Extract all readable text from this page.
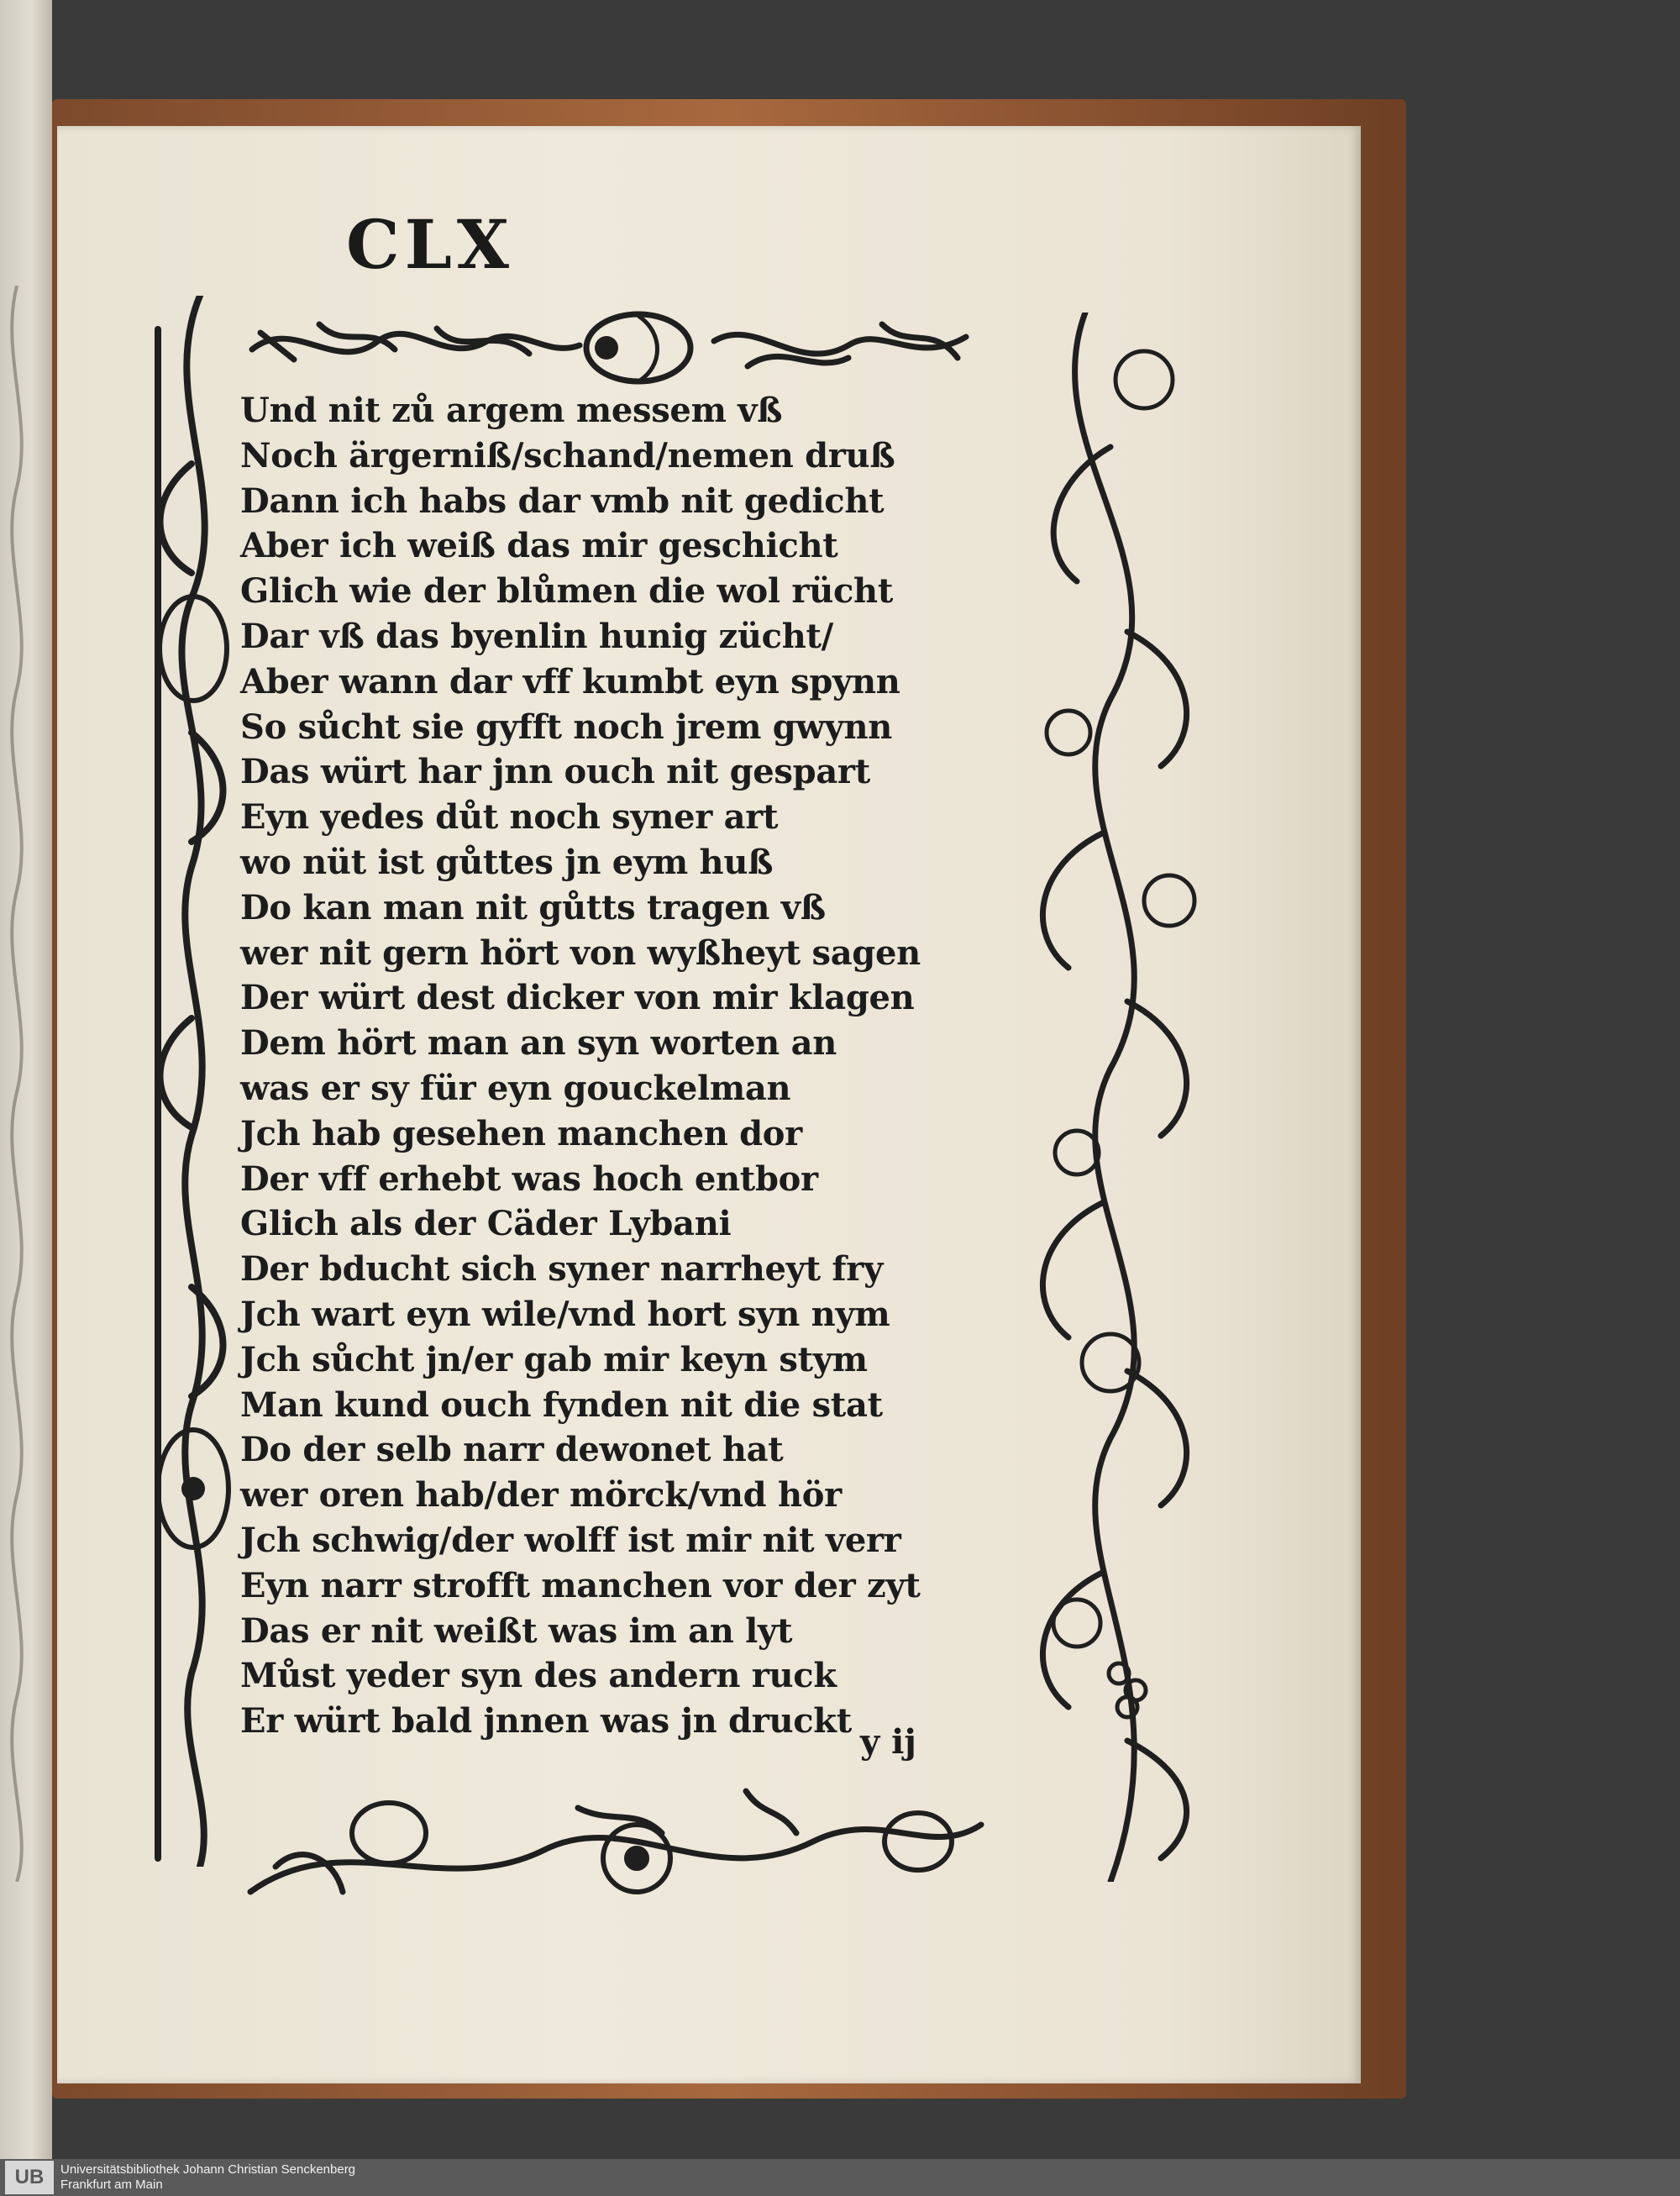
CLX
Und nit zů argem messem vß
Noch ärgerniß/schand/nemen druß
Dann ich habs dar vmb nit gedicht
Aber ich weiß das mir geschicht
Glich wie der blůmen die wol rücht
Dar vß das byenlin hunig zücht/
Aber wann dar vff kumbt eyn spynn
So sůcht sie gyfft noch jrem gwynn
Das würt har jnn ouch nit gespart
Eyn yedes důt noch syner art
wo nüt ist gůttes jn eym huß
Do kan man nit gůtts tragen vß
wer nit gern hört von wyßheyt sagen
Der würt dest dicker von mir klagen
Dem hört man an syn worten an
was er sy für eyn gouckelman
Jch hab gesehen manchen dor
Der vff erhebt was hoch entbor
Glich als der Cäder Lybani
Der bducht sich syner narrheyt fry
Jch wart eyn wile/vnd hort syn nym
Jch sůcht jn/er gab mir keyn stym
Man kund ouch fynden nit die stat
Do der selb narr dewonet hat
wer oren hab/der mörck/vnd hör
Jch schwig/der wolff ist mir nit verr
Eyn narr strofft manchen vor der zyt
Das er nit weißt was im an lyt
Můst yeder syn des andern ruck
Er würt bald jnnen was jn druckt

y ij

UB	Universitätsbibliothek Johann Christian Senckenberg
Frankfurt am Main
